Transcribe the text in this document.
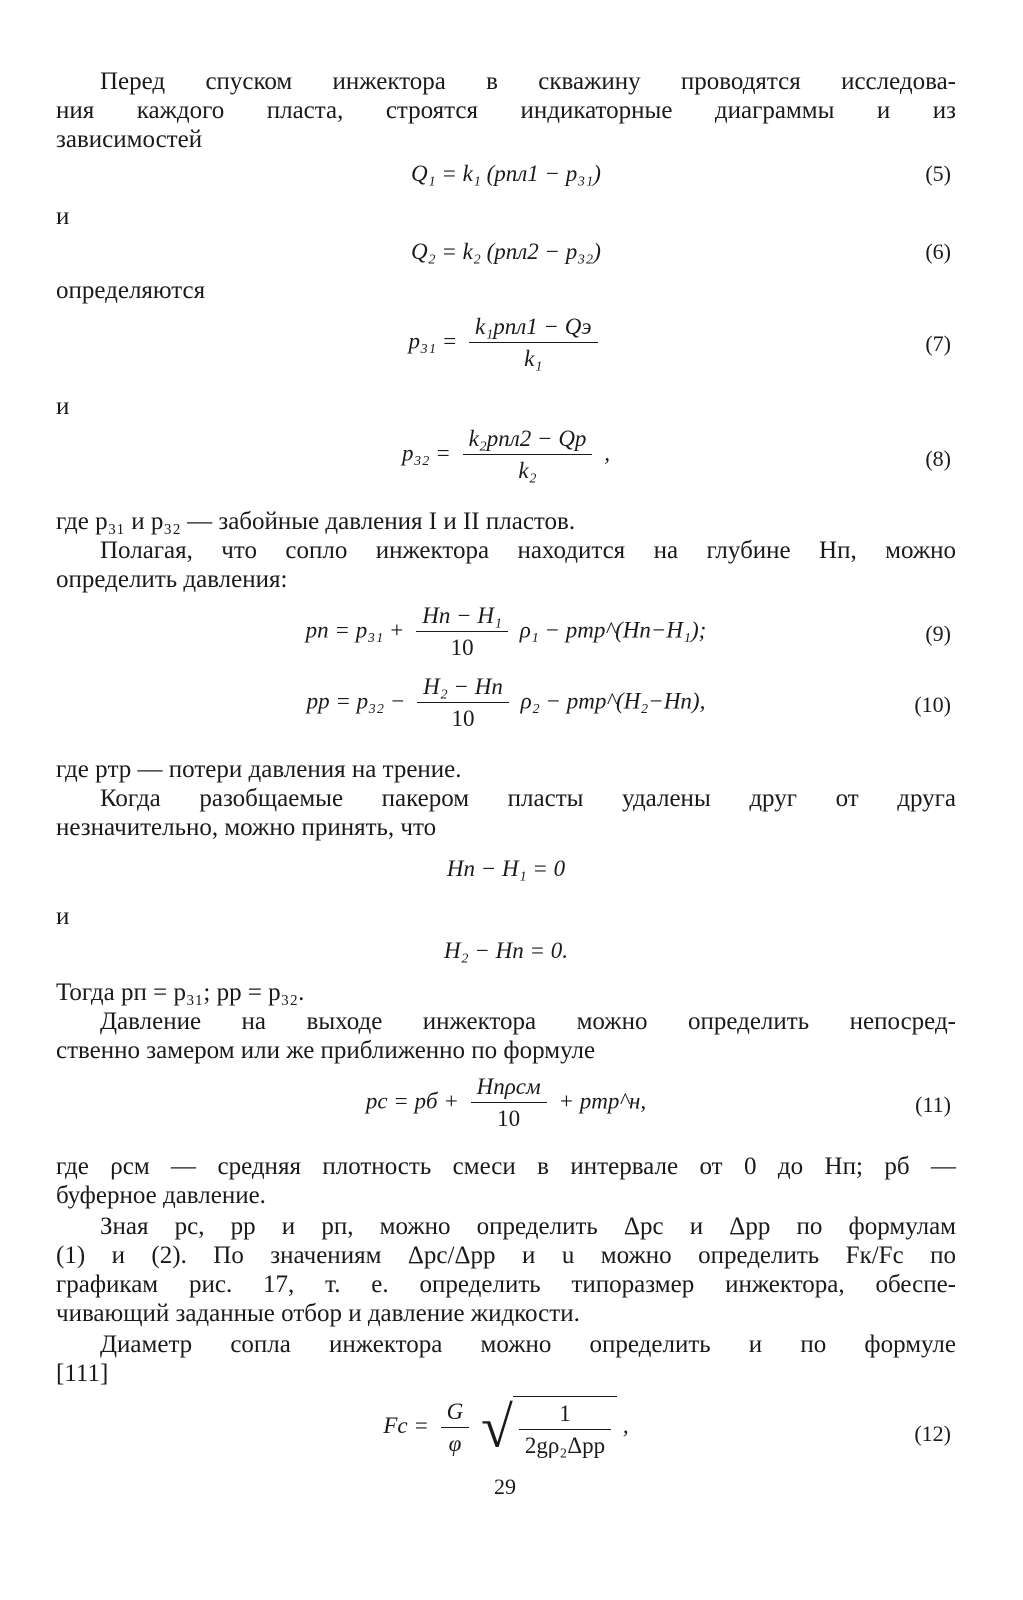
Перед спуском инжектора в скважину проводятся исследова-
ния каждого пласта, строятся индикаторные диаграммы и из
зависимостей
Q₁ = k₁ (pпл1 − p₃₁)	(5)
и
Q₂ = k₂ (pпл2 − p₃₂)	(6)
определяются
$p_{31} = \frac{\text{k₁pпл1 − Qэ}}{\text{k₁}}$	(7)
и
$p_{32} = \frac{\text{k₂pпл2 − Qр}}{\text{k₂}}$ ,	(8)
где p₃₁ и p₃₂ — забойные давления I и II пластов.
Полагая, что сопло инжектора находится на глубине Hп, можно
определить давления:
pп = $p_{31} + \frac{\text{Hп − H₁}}{10} \rho_1$ − pтр^(Hп−H₁);	(9)
pр = $p_{32} - \frac{\text{H₂ − Hп}}{10} \rho_2$ − pтр^(H₂−Hп),	(10)
где pтр — потери давления на трение.
Когда разобщаемые пакером пласты удалены друг от друга
незначительно, можно принять, что
Hп − H₁ = 0
и
H₂ − Hп = 0.
Тогда pп = p₃₁; pр = p₃₂.
Давление на выходе инжектора можно определить непосред-
ственно замером или же приближенно по формуле
pс = pб + $\frac{\text{Hпρсм}}{10}$ + pтр^н,	(11)
где ρсм — средняя плотность смеси в интервале от 0 до Hп; pб —
буферное давление.
Зная pс, pр и pп, можно определить Δpс и Δpр по формулам
(1) и (2). По значениям Δpс/Δpр и u можно определить Fк/Fс по
графикам рис. 17, т. е. определить типоразмер инжектора, обеспе-
чивающий заданные отбор и давление жидкости.
Диаметр сопла инжектора можно определить и по формуле
[111]
Fс = $\frac{G}{\varphi}$ √ $\frac{1}{\text{2gρ₂Δpр}}$ ,	(12)
29
